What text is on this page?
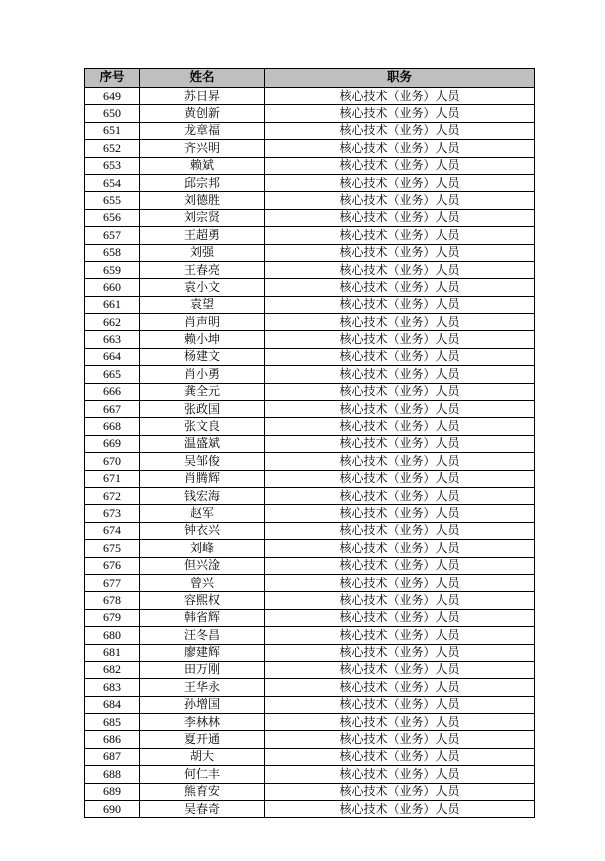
序号	姓名	职务
649	苏日昇	核心技术（业务）人员
650	黄创新	核心技术（业务）人员
651	龙章福	核心技术（业务）人员
652	齐兴明	核心技术（业务）人员
653	赖斌	核心技术（业务）人员
654	邱宗邦	核心技术（业务）人员
655	刘德胜	核心技术（业务）人员
656	刘宗贤	核心技术（业务）人员
657	王超勇	核心技术（业务）人员
658	刘强	核心技术（业务）人员
659	王春亮	核心技术（业务）人员
660	袁小文	核心技术（业务）人员
661	袁望	核心技术（业务）人员
662	肖声明	核心技术（业务）人员
663	赖小坤	核心技术（业务）人员
664	杨建文	核心技术（业务）人员
665	肖小勇	核心技术（业务）人员
666	龚全元	核心技术（业务）人员
667	张政国	核心技术（业务）人员
668	张文良	核心技术（业务）人员
669	温盛斌	核心技术（业务）人员
670	吴邹俊	核心技术（业务）人员
671	肖腾辉	核心技术（业务）人员
672	钱宏海	核心技术（业务）人员
673	赵军	核心技术（业务）人员
674	钟衣兴	核心技术（业务）人员
675	刘峰	核心技术（业务）人员
676	但兴淦	核心技术（业务）人员
677	曾兴	核心技术（业务）人员
678	容熙权	核心技术（业务）人员
679	韩省辉	核心技术（业务）人员
680	汪冬昌	核心技术（业务）人员
681	廖建辉	核心技术（业务）人员
682	田万刚	核心技术（业务）人员
683	王华永	核心技术（业务）人员
684	孙增国	核心技术（业务）人员
685	李林林	核心技术（业务）人员
686	夏开通	核心技术（业务）人员
687	胡大	核心技术（业务）人员
688	何仁丰	核心技术（业务）人员
689	熊育安	核心技术（业务）人员
690	吴春奇	核心技术（业务）人员
